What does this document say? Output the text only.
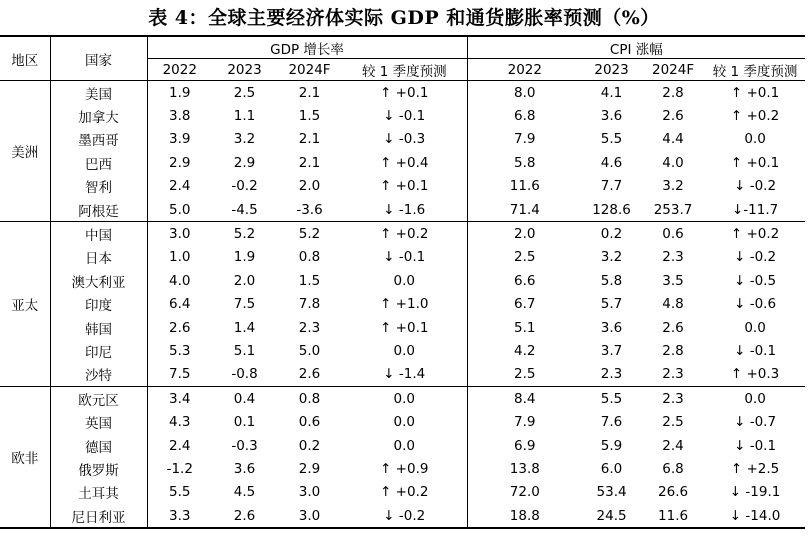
表 4：全球主要经济体实际 GDP 和通货膨胀率预测（%）
地区	国家	GDP 增长率				CPI 涨幅			
		2022	2023	2024F	较 1 季度预测	2022	2023	2024F	较 1 季度预测
美洲	美国	1.9	2.5	2.1	↑ +0.1	8.0	4.1	2.8	↑ +0.1
	加拿大	3.8	1.1	1.5	↓ -0.1	6.8	3.6	2.6	↑ +0.2
	墨西哥	3.9	3.2	2.1	↓ -0.3	7.9	5.5	4.4	0.0
	巴西	2.9	2.9	2.1	↑ +0.4	5.8	4.6	4.0	↑ +0.1
	智利	2.4	-0.2	2.0	↑ +0.1	11.6	7.7	3.2	↓ -0.2
	阿根廷	5.0	-4.5	-3.6	↓ -1.6	71.4	128.6	253.7	↓-11.7
亚太	中国	3.0	5.2	5.2	↑ +0.2	2.0	0.2	0.6	↑ +0.2
	日本	1.0	1.9	0.8	↓ -0.1	2.5	3.2	2.3	↓ -0.2
	澳大利亚	4.0	2.0	1.5	0.0	6.6	5.8	3.5	↓ -0.5
	印度	6.4	7.5	7.8	↑ +1.0	6.7	5.7	4.8	↓ -0.6
	韩国	2.6	1.4	2.3	↑ +0.1	5.1	3.6	2.6	0.0
	印尼	5.3	5.1	5.0	0.0	4.2	3.7	2.8	↓ -0.1
	沙特	7.5	-0.8	2.6	↓ -1.4	2.5	2.3	2.3	↑ +0.3
欧非	欧元区	3.4	0.4	0.8	0.0	8.4	5.5	2.3	0.0
	英国	4.3	0.1	0.6	0.0	7.9	7.6	2.5	↓ -0.7
	德国	2.4	-0.3	0.2	0.0	6.9	5.9	2.4	↓ -0.1
	俄罗斯	-1.2	3.6	2.9	↑ +0.9	13.8	6.0	6.8	↑ +2.5
	土耳其	5.5	4.5	3.0	↑ +0.2	72.0	53.4	26.6	↓ -19.1
	尼日利亚	3.3	2.6	3.0	↓ -0.2	18.8	24.5	11.6	↓ -14.0
